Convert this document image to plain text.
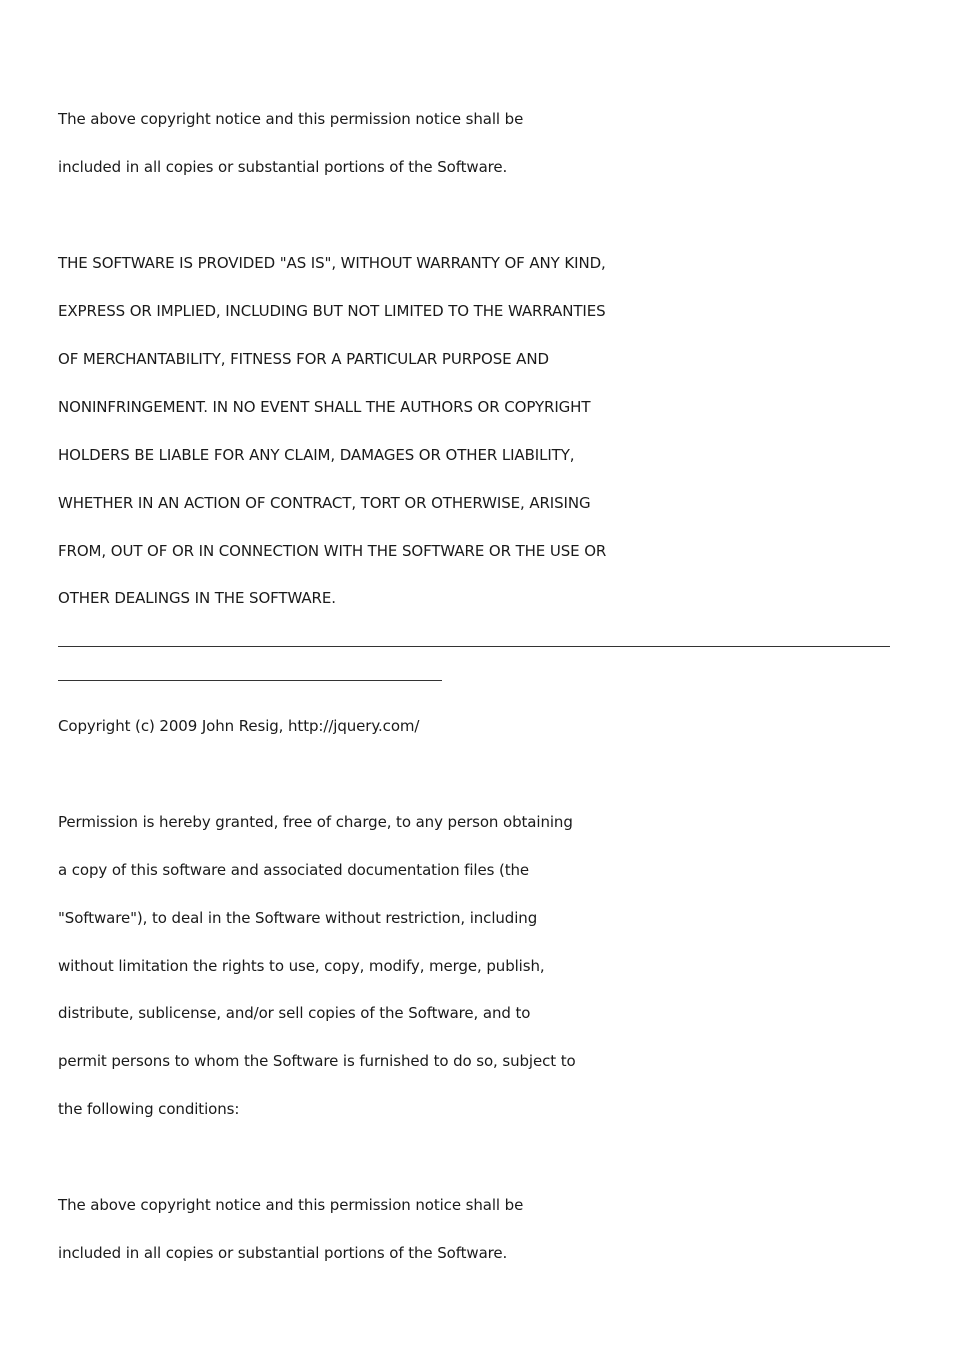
The above copyright notice and this permission notice shall be
included in all copies or substantial portions of the Software.
THE SOFTWARE IS PROVIDED "AS IS", WITHOUT WARRANTY OF ANY KIND,
EXPRESS OR IMPLIED, INCLUDING BUT NOT LIMITED TO THE WARRANTIES
OF MERCHANTABILITY, FITNESS FOR A PARTICULAR PURPOSE AND
NONINFRINGEMENT. IN NO EVENT SHALL THE AUTHORS OR COPYRIGHT
HOLDERS BE LIABLE FOR ANY CLAIM, DAMAGES OR OTHER LIABILITY,
WHETHER IN AN ACTION OF CONTRACT, TORT OR OTHERWISE, ARISING
FROM, OUT OF OR IN CONNECTION WITH THE SOFTWARE OR THE USE OR
OTHER DEALINGS IN THE SOFTWARE.
Copyright (c) 2009 John Resig, http://jquery.com/
Permission is hereby granted, free of charge, to any person obtaining
a copy of this software and associated documentation files (the
"Software"), to deal in the Software without restriction, including
without limitation the rights to use, copy, modify, merge, publish,
distribute, sublicense, and/or sell copies of the Software, and to
permit persons to whom the Software is furnished to do so, subject to
the following conditions:
The above copyright notice and this permission notice shall be
included in all copies or substantial portions of the Software.
